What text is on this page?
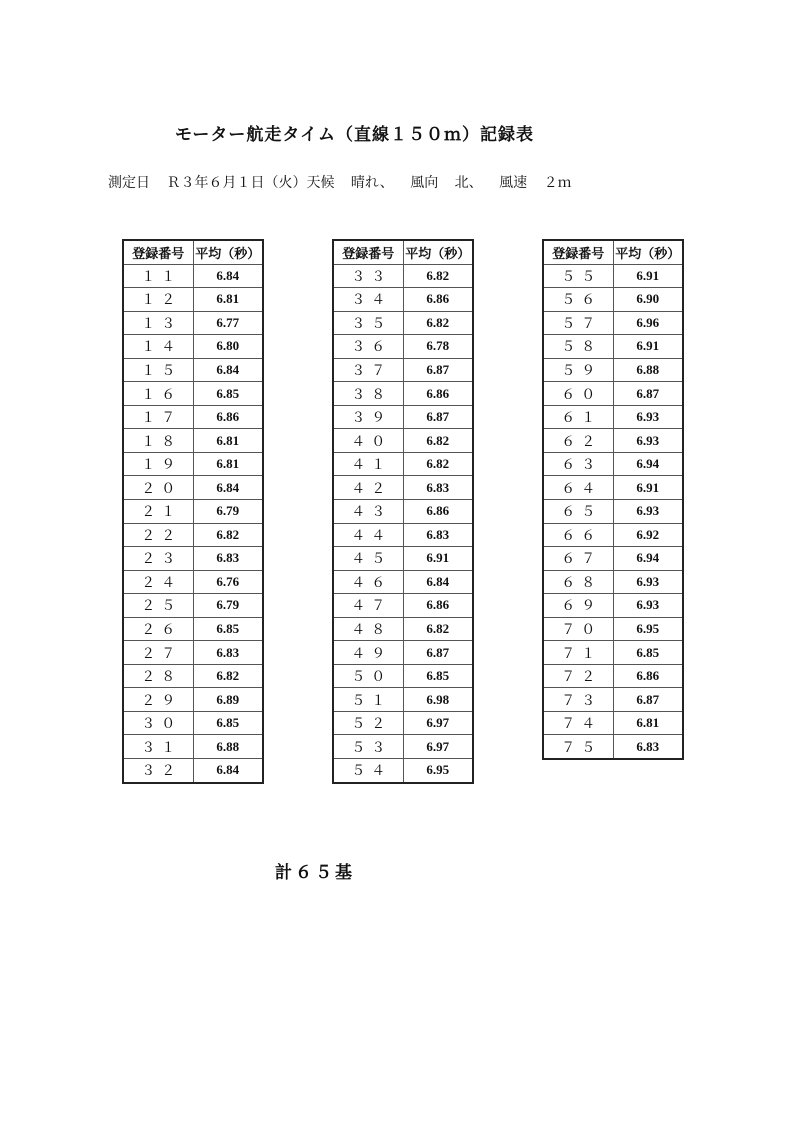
モーター航走タイム（直線１５０ｍ）記録表
測定日 Ｒ３年６月１日（火）天候 晴れ、 風向 北、 風速 ２ｍ
登録番号	平均（秒）
１１	6.84
１２	6.81
１３	6.77
１４	6.80
１５	6.84
１６	6.85
１７	6.86
１８	6.81
１９	6.81
２０	6.84
２１	6.79
２２	6.82
２３	6.83
２４	6.76
２５	6.79
２６	6.85
２７	6.83
２８	6.82
２９	6.89
３０	6.85
３１	6.88
３２	6.84
登録番号	平均（秒）
３３	6.82
３４	6.86
３５	6.82
３６	6.78
３７	6.87
３８	6.86
３９	6.87
４０	6.82
４１	6.82
４２	6.83
４３	6.86
４４	6.83
４５	6.91
４６	6.84
４７	6.86
４８	6.82
４９	6.87
５０	6.85
５１	6.98
５２	6.97
５３	6.97
５４	6.95
登録番号	平均（秒）
５５	6.91
５６	6.90
５７	6.96
５８	6.91
５９	6.88
６０	6.87
６１	6.93
６２	6.93
６３	6.94
６４	6.91
６５	6.93
６６	6.92
６７	6.94
６８	6.93
６９	6.93
７０	6.95
７１	6.85
７２	6.86
７３	6.87
７４	6.81
７５	6.83
計６５基
